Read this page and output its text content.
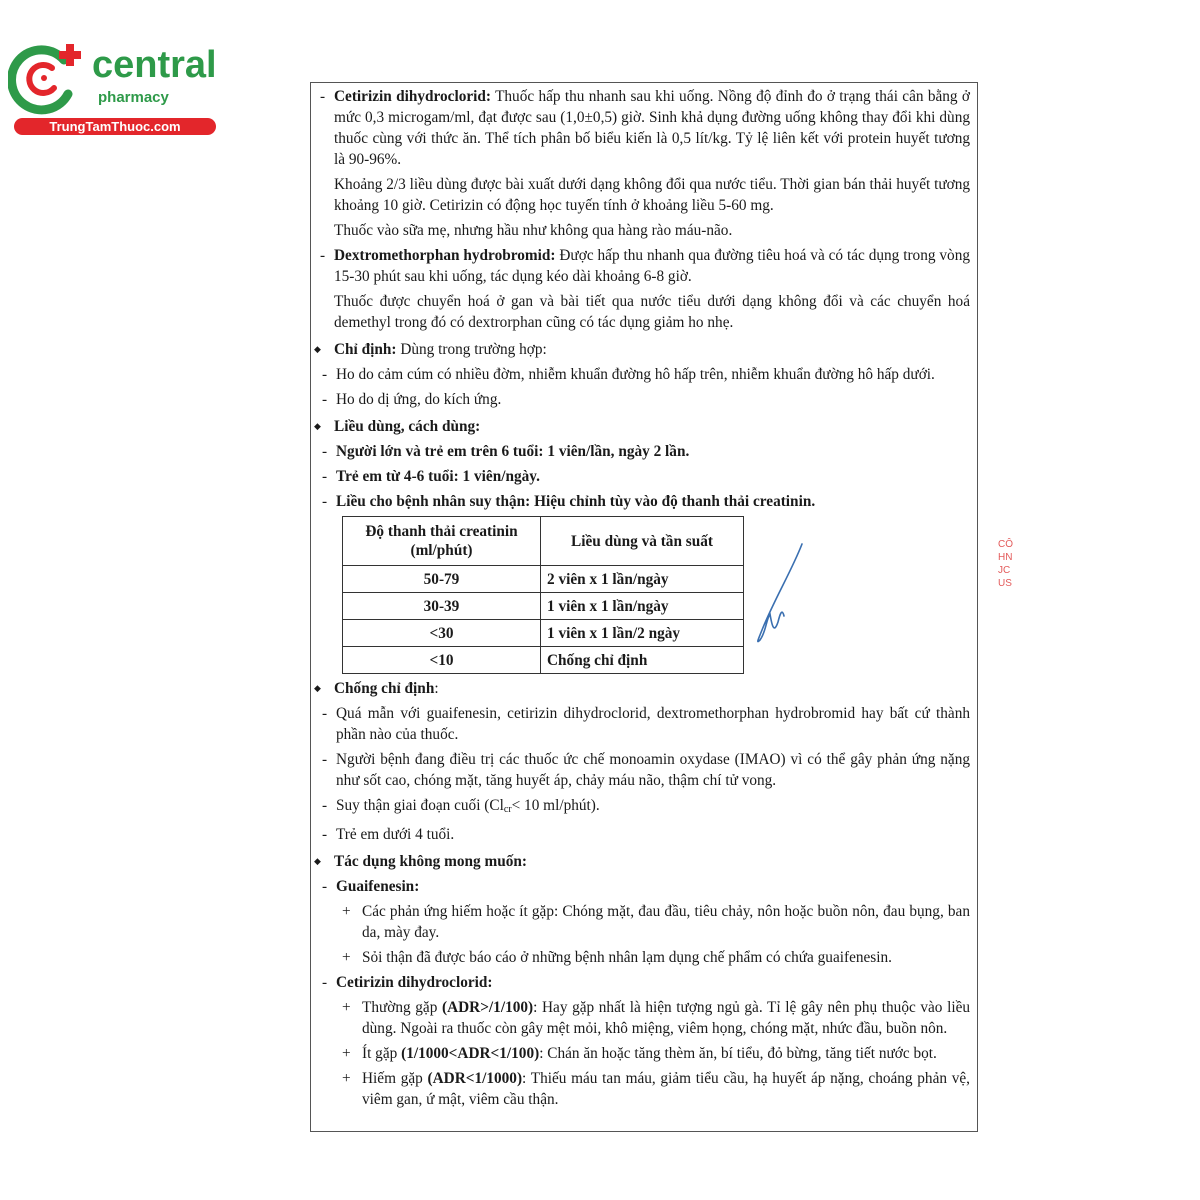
central
pharmacy
TrungTamThuoc.com

- Cetirizin dihydroclorid: Thuốc hấp thu nhanh sau khi uống. Nồng độ đỉnh đo ở trạng thái cân bằng ở mức 0,3 microgam/ml, đạt được sau (1,0±0,5) giờ. Sinh khả dụng đường uống không thay đổi khi dùng thuốc cùng với thức ăn. Thể tích phân bố biểu kiến là 0,5 lít/kg. Tỷ lệ liên kết với protein huyết tương là 90-96%.

Khoảng 2/3 liều dùng được bài xuất dưới dạng không đổi qua nước tiểu. Thời gian bán thải huyết tương khoảng 10 giờ. Cetirizin có động học tuyến tính ở khoảng liều 5-60 mg.

Thuốc vào sữa mẹ, nhưng hầu như không qua hàng rào máu-não.

- Dextromethorphan hydrobromid: Được hấp thu nhanh qua đường tiêu hoá và có tác dụng trong vòng 15-30 phút sau khi uống, tác dụng kéo dài khoảng 6-8 giờ.

Thuốc được chuyển hoá ở gan và bài tiết qua nước tiểu dưới dạng không đổi và các chuyển hoá demethyl trong đó có dextrorphan cũng có tác dụng giảm ho nhẹ.

◆ Chỉ định: Dùng trong trường hợp:

- Ho do cảm cúm có nhiều đờm, nhiễm khuẩn đường hô hấp trên, nhiễm khuẩn đường hô hấp dưới.

- Ho do dị ứng, do kích ứng.

◆ Liều dùng, cách dùng:

- Người lớn và trẻ em trên 6 tuổi: 1 viên/lần, ngày 2 lần.

- Trẻ em từ 4-6 tuổi: 1 viên/ngày.

- Liều cho bệnh nhân suy thận: Hiệu chỉnh tùy vào độ thanh thải creatinin.

Độ thanh thải creatinin (ml/phút)	Liều dùng và tần suất
50-79	2 viên x 1 lần/ngày
30-39	1 viên x 1 lần/ngày
<30	1 viên x 1 lần/2 ngày
<10	Chống chỉ định

◆ Chống chỉ định:

- Quá mẫn với guaifenesin, cetirizin dihydroclorid, dextromethorphan hydrobromid hay bất cứ thành phần nào của thuốc.

- Người bệnh đang điều trị các thuốc ức chế monoamin oxydase (IMAO) vì có thể gây phản ứng nặng như sốt cao, chóng mặt, tăng huyết áp, chảy máu não, thậm chí tử vong.

- Suy thận giai đoạn cuối (Clcr< 10 ml/phút).

- Trẻ em dưới 4 tuổi.

◆ Tác dụng không mong muốn:

- Guaifenesin:

+ Các phản ứng hiếm hoặc ít gặp: Chóng mặt, đau đầu, tiêu chảy, nôn hoặc buồn nôn, đau bụng, ban da, mày đay.

+ Sỏi thận đã được báo cáo ở những bệnh nhân lạm dụng chế phẩm có chứa guaifenesin.

- Cetirizin dihydroclorid:

+ Thường gặp (ADR>/1/100): Hay gặp nhất là hiện tượng ngủ gà. Tỉ lệ gây nên phụ thuộc vào liều dùng. Ngoài ra thuốc còn gây mệt mỏi, khô miệng, viêm họng, chóng mặt, nhức đầu, buồn nôn.

+ Ít gặp (1/1000<ADR<1/100): Chán ăn hoặc tăng thèm ăn, bí tiểu, đỏ bừng, tăng tiết nước bọt.

+ Hiếm gặp (ADR<1/1000): Thiếu máu tan máu, giảm tiểu cầu, hạ huyết áp nặng, choáng phản vệ, viêm gan, ứ mật, viêm cầu thận.

CÔ
HN
JC
US
